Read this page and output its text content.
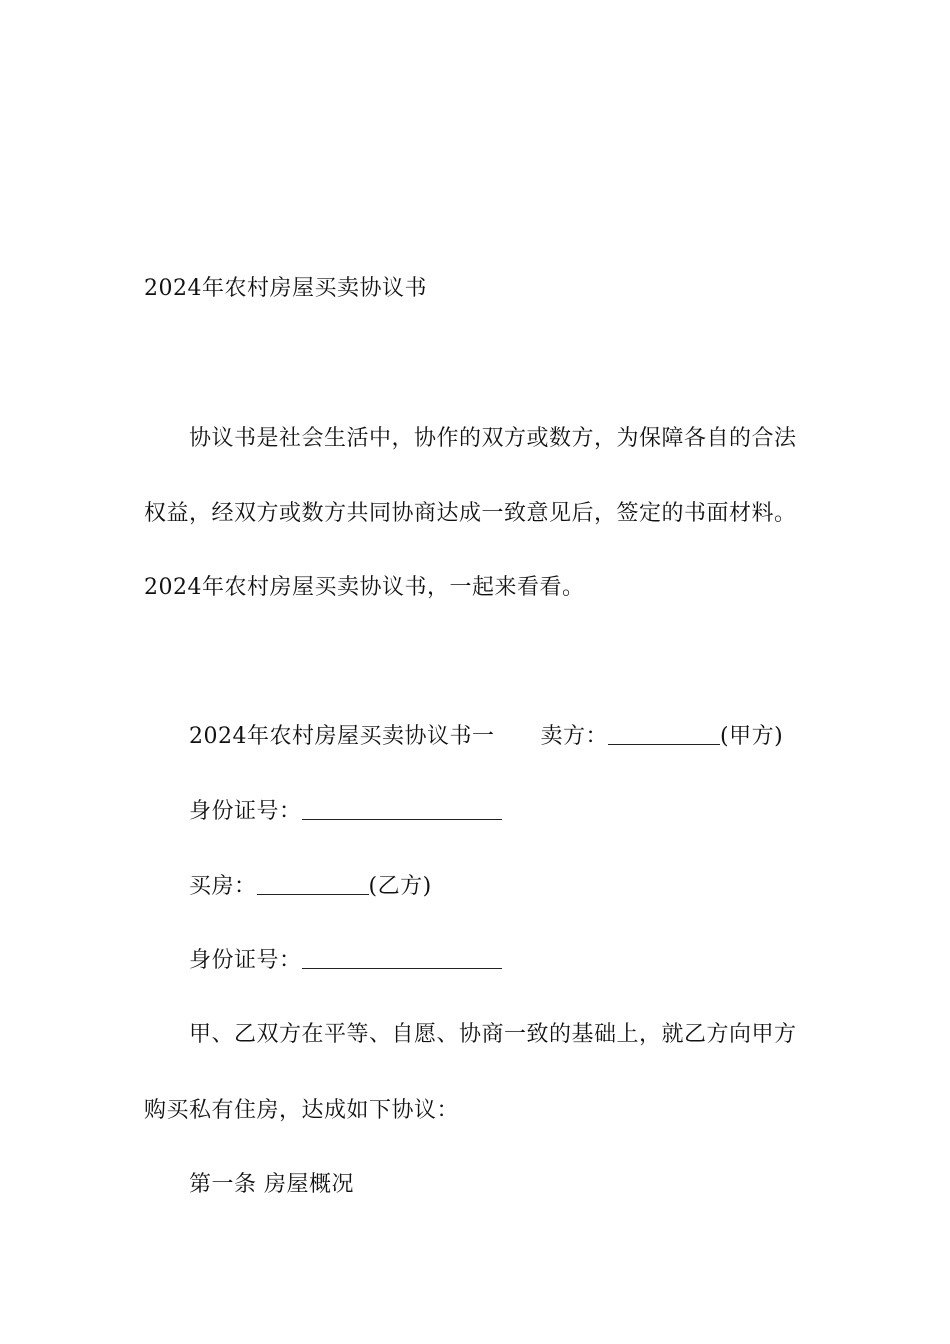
2024年农村房屋买卖协议书
协议书是社会生活中，协作的双方或数方，为保障各自的合法
权益，经双方或数方共同协商达成一致意见后，签定的书面材料。
2024年农村房屋买卖协议书，一起来看看。
2024年农村房屋买卖协议书一 卖方：	(甲方)
身份证号：
买房：	(乙方)
身份证号：
甲、乙双方在平等、自愿、协商一致的基础上，就乙方向甲方
购买私有住房，达成如下协议：
第一条 房屋概况
